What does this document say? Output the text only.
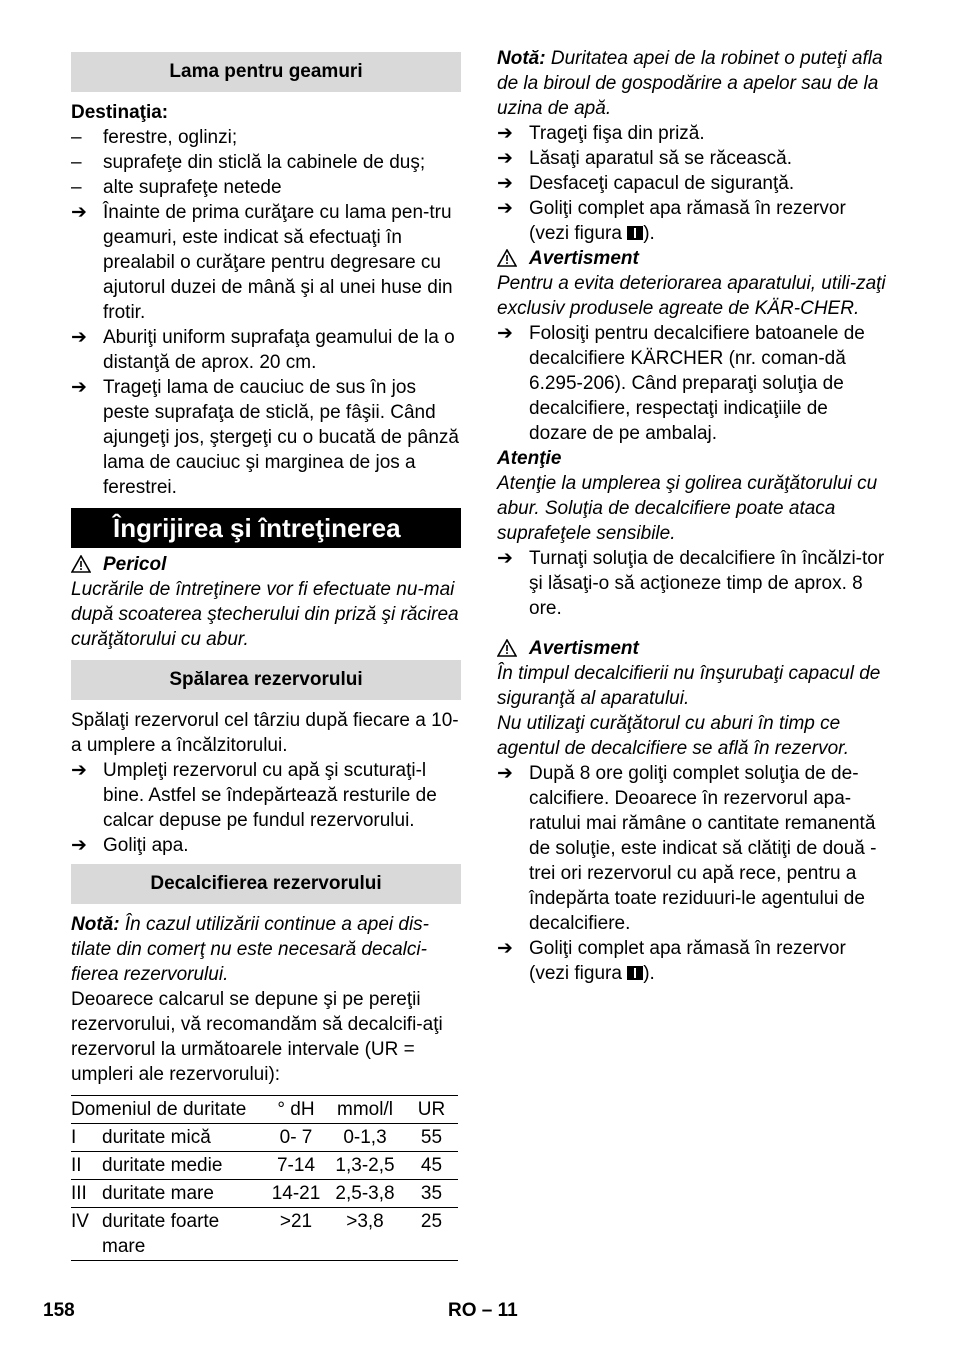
Lama pentru geamuri

Destinaţia:

–	ferestre, oglinzi;

–	suprafeţe din sticlă la cabinele de duş;

–	alte suprafeţe netede

➔ Înainte de prima curăţare cu lama pen-tru geamuri, este indicat să efectuaţi în prealabil o curăţare pentru degresare cu ajutorul duzei de mână şi al unei huse din frotir.

➔ Aburiţi uniform suprafaţa geamului de la o distanţă de aprox. 20 cm.

➔ Trageţi lama de cauciuc de sus în jos peste suprafaţa de sticlă, pe fâşii. Când ajungeţi jos, ştergeţi cu o bucată de pânză lama de cauciuc şi marginea de jos a ferestrei.

Îngrijirea şi întreţinerea
Pericol

Lucrările de întreţinere vor fi efectuate nu-mai după scoaterea ştecherului din priză şi răcirea curăţătorului cu abur.

Spălarea rezervorului

Spălaţi rezervorul cel târziu după fiecare a 10-a umplere a încălzitorului.

➔ Umpleţi rezervorul cu apă şi scuturaţi-l bine. Astfel se îndepărtează resturile de calcar depuse pe fundul rezervorului.

➔ Goliţi apa.

Decalcifierea rezervorului

Notă: În cazul utilizării continue a apei dis-tilate din comerţ nu este necesară decalci-fierea rezervorului.

Deoarece calcarul se depune şi pe pereţii rezervorului, vă recomandăm să decalcifi-aţi rezervorul la următoarele intervale (UR = umpleri ale rezervorului):

Domeniul de duritate		° dH	mmol/l	UR
I	duritate mică	0- 7	0-1,3	55
II	duritate medie	7-14	1,3-2,5	45
III	duritate mare	14-21	2,5-3,8	35
IV	duritate foarte mare	>21	>3,8	25

Notă: Duritatea apei de la robinet o puteţi afla de la biroul de gospodărire a apelor sau de la uzina de apă.

➔ Trageţi fişa din priză.

➔ Lăsaţi aparatul să se răcească.

➔ Desfaceţi capacul de siguranţă.

➔ Goliţi complet apa rămasă în rezervor (vezi figura ).

Avertisment

Pentru a evita deteriorarea aparatului, utili-zaţi exclusiv produsele agreate de KÄR-CHER.

➔ Folosiţi pentru decalcifiere batoanele de decalcifiere KÄRCHER (nr. coman-dă 6.295-206). Când preparaţi soluţia de decalcifiere, respectaţi indicaţiile de dozare de pe ambalaj.

Atenţie

Atenţie la umplerea şi golirea curăţătorului cu abur. Soluţia de decalcifiere poate ataca suprafeţele sensibile.

➔ Turnaţi soluţia de decalcifiere în încălzi-tor şi lăsaţi-o să acţioneze timp de aprox. 8 ore.

Avertisment

În timpul decalcifierii nu înşurubaţi capacul de siguranţă al aparatului.

Nu utilizaţi curăţătorul cu aburi în timp ce agentul de decalcifiere se află în rezervor.

➔ După 8 ore goliţi complet soluţia de de-calcifiere. Deoarece în rezervorul apa-ratului mai rămâne o cantitate remanentă de soluţie, este indicat să clătiţi de două - trei ori rezervorul cu apă rece, pentru a îndepărta toate reziduuri-le agentului de decalcifiere.

➔ Goliţi complet apa rămasă în rezervor (vezi figura ).

158	RO – 11
